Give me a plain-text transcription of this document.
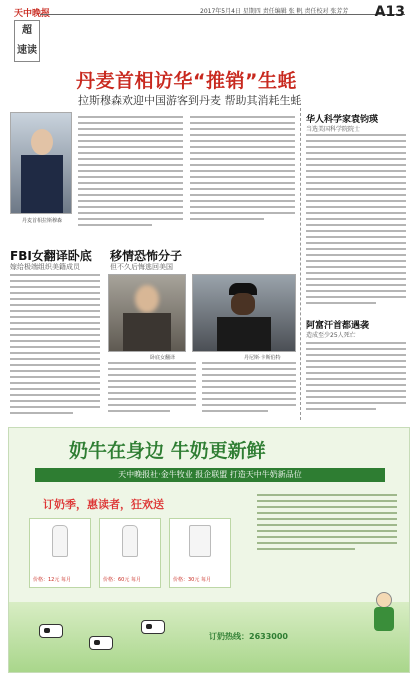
天中晚报
超
速读
2017年5月4日 星期四 责任编辑 张 帆 责任校对 张芳芳 A13
丹麦首相访华“推销”生蚝
拉斯穆森欢迎中国游客到丹麦 帮助其消耗生蚝
丹麦首相拉斯穆森
华人科学家袁钧瑛
当选美国科学院院士
阿富汗首都遇袭
造成至少25人死亡
FBI女翻译卧底
嫁给极端组织美籍成员
移情恐怖分子
但不久后悔逃回美国
卧底女翻译	丹尼斯·卡斯伯特
奶牛在身边 牛奶更新鲜
天中晚报社·金牛牧业 报企联盟 打造天中牛奶新品位
订奶季，惠读者，狂欢送
价格：12元 每月	价格：60元 每月	价格：30元 每月
订奶热线：2633000
